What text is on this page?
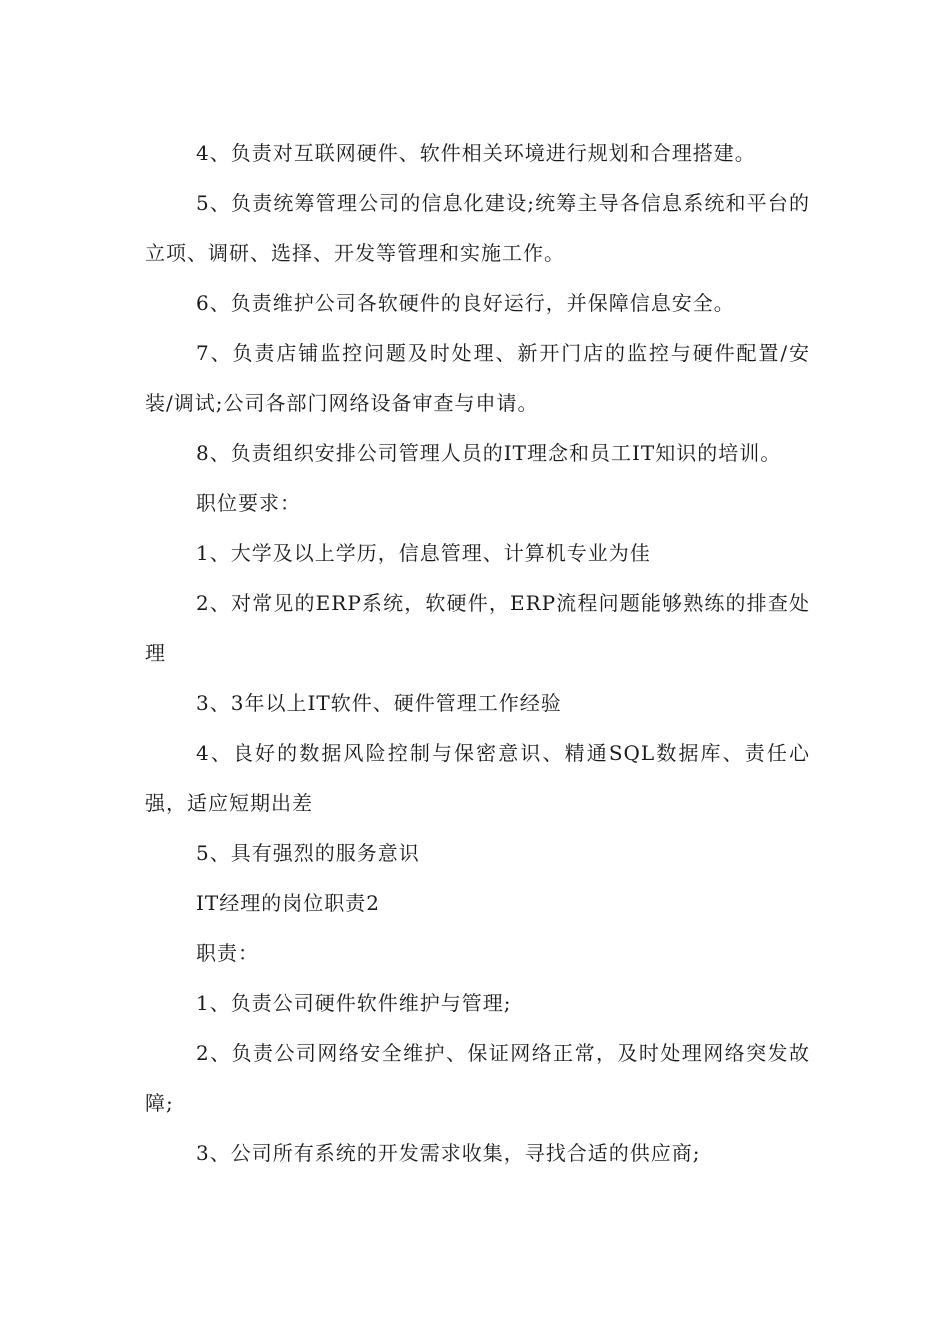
4、负责对互联网硬件、软件相关环境进行规划和合理搭建。

5、负责统筹管理公司的信息化建设;统筹主导各信息系统和平台的立项、调研、选择、开发等管理和实施工作。

6、负责维护公司各软硬件的良好运行，并保障信息安全。

7、负责店铺监控问题及时处理、新开门店的监控与硬件配置/安装/调试;公司各部门网络设备审查与申请。

8、负责组织安排公司管理人员的IT理念和员工IT知识的培训。

职位要求：

1、大学及以上学历，信息管理、计算机专业为佳

2、对常见的ERP系统，软硬件，ERP流程问题能够熟练的排查处理

3、3年以上IT软件、硬件管理工作经验

4、良好的数据风险控制与保密意识、精通SQL数据库、责任心强，适应短期出差

5、具有强烈的服务意识

IT经理的岗位职责2

职责：

1、负责公司硬件软件维护与管理;

2、负责公司网络安全维护、保证网络正常，及时处理网络突发故障;

3、公司所有系统的开发需求收集，寻找合适的供应商;
